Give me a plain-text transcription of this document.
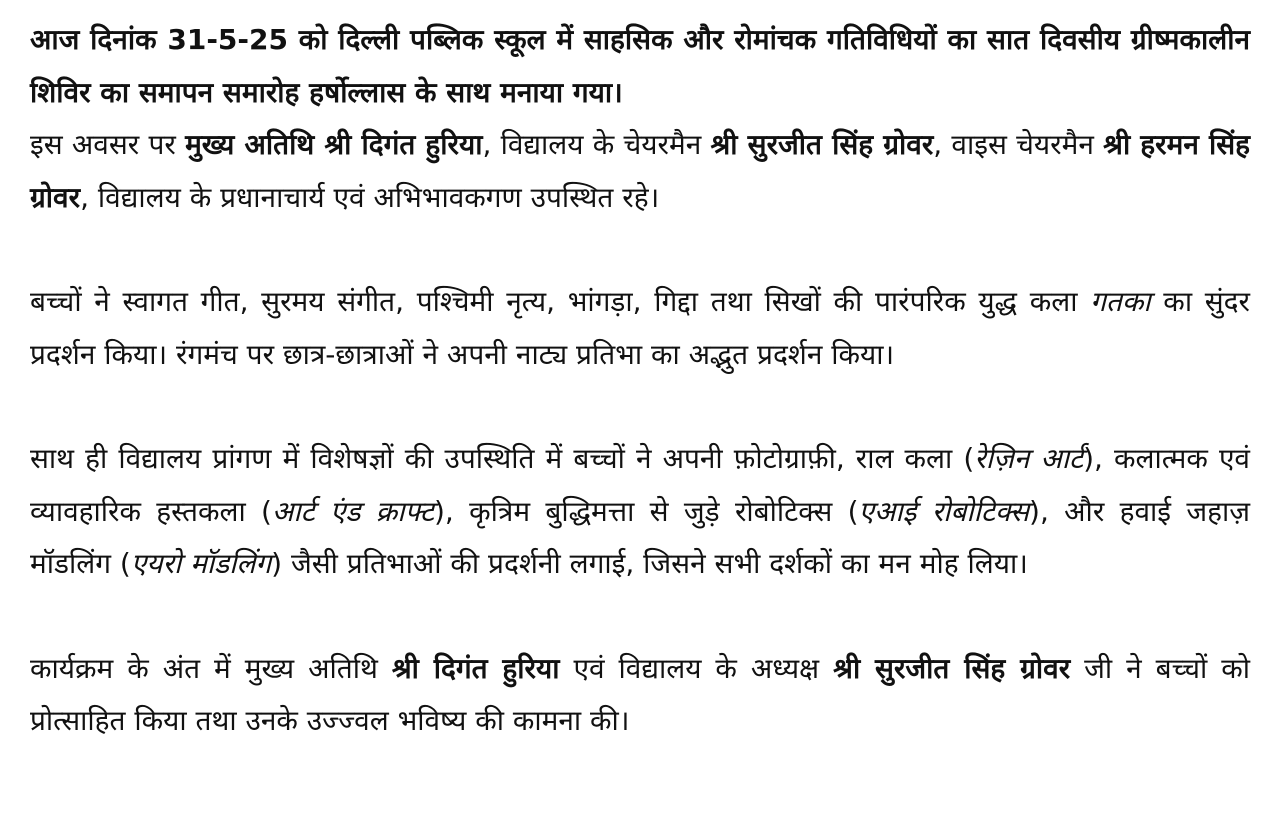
आज दिनांक 31-5-25 को दिल्ली पब्लिक स्कूल में साहसिक और रोमांचक गतिविधियों का सात दिवसीय ग्रीष्मकालीन शिविर का समापन समारोह हर्षोल्लास के साथ मनाया गया।

इस अवसर पर मुख्य अतिथि श्री दिगंत हुरिया, विद्यालय के चेयरमैन श्री सुरजीत सिंह ग्रोवर, वाइस चेयरमैन श्री हरमन सिंह ग्रोवर, विद्यालय के प्रधानाचार्य एवं अभिभावकगण उपस्थित रहे।

बच्चों ने स्वागत गीत, सुरमय संगीत, पश्चिमी नृत्य, भांगड़ा, गिद्दा तथा सिखों की पारंपरिक युद्ध कला गतका का सुंदर प्रदर्शन किया। रंगमंच पर छात्र-छात्राओं ने अपनी नाट्य प्रतिभा का अद्भुत प्रदर्शन किया।

साथ ही विद्यालय प्रांगण में विशेषज्ञों की उपस्थिति में बच्चों ने अपनी फ़ोटोग्राफ़ी, राल कला (रेज़िन आर्ट), कलात्मक एवं व्यावहारिक हस्तकला (आर्ट एंड क्राफ्ट), कृत्रिम बुद्धिमत्ता से जुड़े रोबोटिक्स (एआई रोबोटिक्स), और हवाई जहाज़ मॉडलिंग (एयरो मॉडलिंग) जैसी प्रतिभाओं की प्रदर्शनी लगाई, जिसने सभी दर्शकों का मन मोह लिया।

कार्यक्रम के अंत में मुख्य अतिथि श्री दिगंत हुरिया एवं विद्यालय के अध्यक्ष श्री सुरजीत सिंह ग्रोवर जी ने बच्चों को प्रोत्साहित किया तथा उनके उज्ज्वल भविष्य की कामना की।
